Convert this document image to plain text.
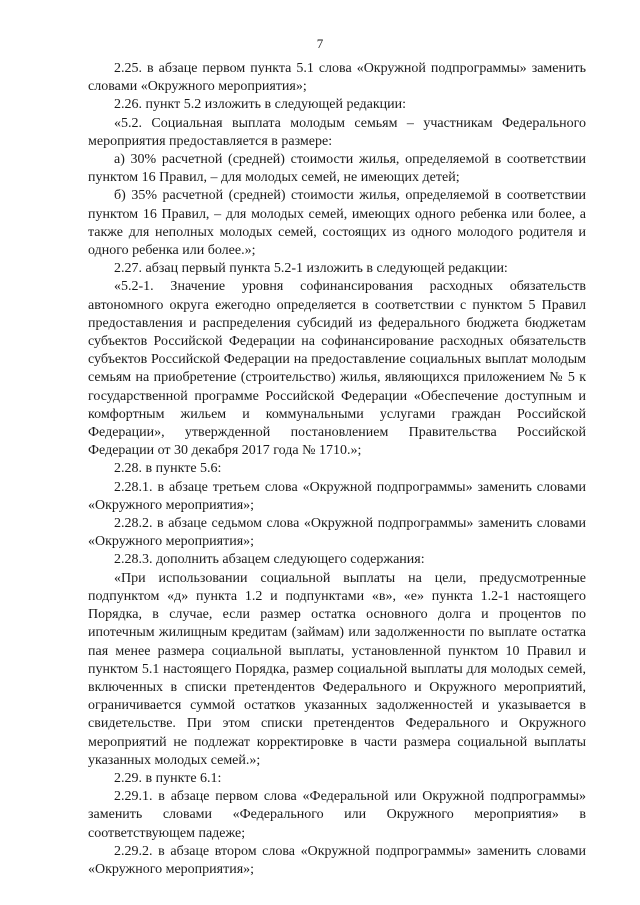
7

2.25. в абзаце первом пункта 5.1 слова «Окружной подпрограммы» заменить словами «Окружного мероприятия»;

2.26. пункт 5.2 изложить в следующей редакции:

«5.2. Социальная выплата молодым семьям – участникам Федерального мероприятия предоставляется в размере:

а) 30% расчетной (средней) стоимости жилья, определяемой в соответствии пунктом 16 Правил, – для молодых семей, не имеющих детей;

б) 35% расчетной (средней) стоимости жилья, определяемой в соответствии пунктом 16 Правил, – для молодых семей, имеющих одного ребенка или более, а также для неполных молодых семей, состоящих из одного молодого родителя и одного ребенка или более.»;

2.27. абзац первый пункта 5.2-1 изложить в следующей редакции:

«5.2-1. Значение уровня софинансирования расходных обязательств автономного округа ежегодно определяется в соответствии с пунктом 5 Правил предоставления и распределения субсидий из федерального бюджета бюджетам субъектов Российской Федерации на софинансирование расходных обязательств субъектов Российской Федерации на предоставление социальных выплат молодым семьям на приобретение (строительство) жилья, являющихся приложением № 5 к государственной программе Российской Федерации «Обеспечение доступным и комфортным жильем и коммунальными услугами граждан Российской Федерации», утвержденной постановлением Правительства Российской Федерации от 30 декабря 2017 года № 1710.»;

2.28. в пункте 5.6:

2.28.1. в абзаце третьем слова «Окружной подпрограммы» заменить словами «Окружного мероприятия»;

2.28.2. в абзаце седьмом слова «Окружной подпрограммы» заменить словами «Окружного мероприятия»;

2.28.3. дополнить абзацем следующего содержания:

«При использовании социальной выплаты на цели, предусмотренные подпунктом «д» пункта 1.2 и подпунктами «в», «е» пункта 1.2-1 настоящего Порядка, в случае, если размер остатка основного долга и процентов по ипотечным жилищным кредитам (займам) или задолженности по выплате остатка пая менее размера социальной выплаты, установленной пунктом 10 Правил и пунктом 5.1 настоящего Порядка, размер социальной выплаты для молодых семей, включенных в списки претендентов Федерального и Окружного мероприятий, ограничивается суммой остатков указанных задолженностей и указывается в свидетельстве. При этом списки претендентов Федерального и Окружного мероприятий не подлежат корректировке в части размера социальной выплаты указанных молодых семей.»;

2.29. в пункте 6.1:

2.29.1. в абзаце первом слова «Федеральной или Окружной подпрограммы» заменить словами «Федерального или Окружного мероприятия» в соответствующем падеже;

2.29.2. в абзаце втором слова «Окружной подпрограммы» заменить словами «Окружного мероприятия»;
